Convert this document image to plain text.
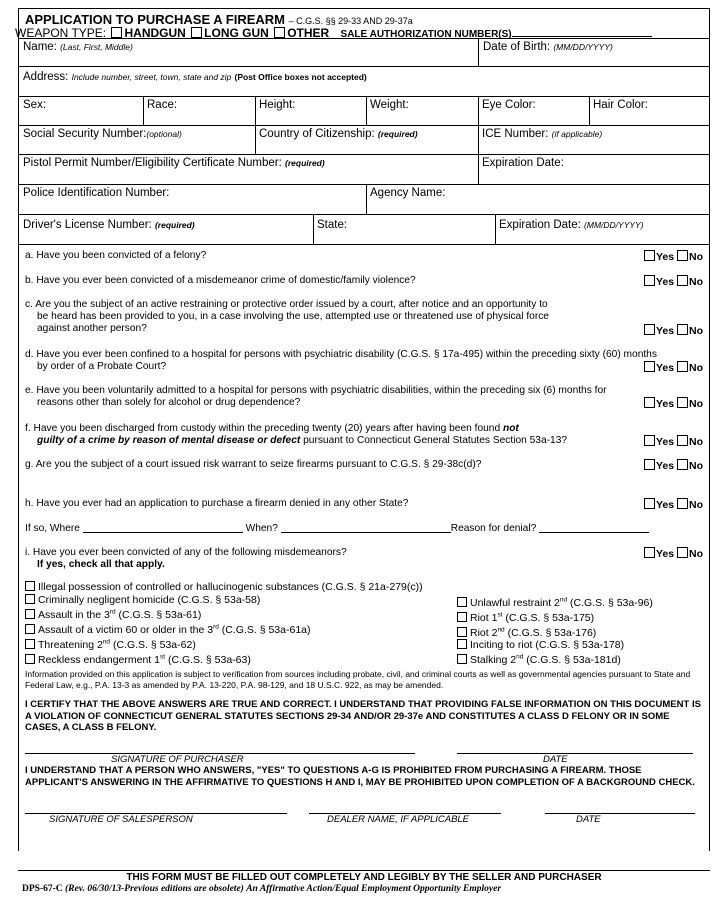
APPLICATION TO PURCHASE A FIREARM – C.G.S. §§ 29-33 AND 29-37a
WEAPON TYPE: HANDGUN LONG GUN OTHER SALE AUTHORIZATION NUMBER(S)
Name: (Last, First, Middle)	Date of Birth: (MM/DD/YYYY)
Address: Include number, street, town, state and zip (Post Office boxes not accepted)
Sex:	Race:	Height:	Weight:	Eye Color:	Hair Color:
Social Security Number:(optional)	Country of Citizenship: (required)	ICE Number: (if applicable)
Pistol Permit Number/Eligibility Certificate Number: (required)	Expiration Date:
Police Identification Number:	Agency Name:
Driver's License Number: (required)	State:	Expiration Date: (MM/DD/YYYY)
a. Have you been convicted of a felony?	Yes No
b. Have you ever been convicted of a misdemeanor crime of domestic/family violence?	Yes No
c. Are you the subject of an active restraining or protective order issued by a court, after notice and an opportunity to
be heard has been provided to you, in a case involving the use, attempted use or threatened use of physical force
against another person?	Yes No
d. Have you ever been confined to a hospital for persons with psychiatric disability (C.G.S. § 17a-495) within the preceding sixty (60) months
by order of a Probate Court?	Yes No
e. Have you been voluntarily admitted to a hospital for persons with psychiatric disabilities, within the preceding six (6) months for
reasons other than solely for alcohol or drug dependence?	Yes No
f. Have you been discharged from custody within the preceding twenty (20) years after having been found not
guilty of a crime by reason of mental disease or defect pursuant to Connecticut General Statutes Section 53a-13?	Yes No
g. Are you the subject of a court issued risk warrant to seize firearms pursuant to C.G.S. § 29-38c(d)?	Yes No
h. Have you ever had an application to purchase a firearm denied in any other State?	Yes No
If so, Where	When?	Reason for denial?
i. Have you ever been convicted of any of the following misdemeanors?
If yes, check all that apply.
Yes No
Illegal possession of controlled or hallucinogenic substances (C.G.S. § 21a-279(c))
Criminally negligent homicide (C.G.S. § 53a-58)
Assault in the 3rd (C.G.S. § 53a-61)
Assault of a victim 60 or older in the 3rd (C.G.S. § 53a-61a)
Threatening 2nd (C.G.S. § 53a-62)
Reckless endangerment 1st (C.G.S. § 53a-63)
Unlawful restraint 2nd (C.G.S. § 53a-96)
Riot 1st (C.G.S. § 53a-175)
Riot 2nd (C.G.S. § 53a-176)
Inciting to riot (C.G.S. § 53a-178)
Stalking 2nd (C.G.S. § 53a-181d)
Information provided on this application is subject to verification from sources including probate, civil, and criminal courts as well as governmental agencies pursuant to State and Federal Law, e.g., P.A. 13-3 as amended by P.A. 13-220, P.A. 98-129, and 18 U.S.C. 922, as may be amended.
I CERTIFY THAT THE ABOVE ANSWERS ARE TRUE AND CORRECT. I UNDERSTAND THAT PROVIDING FALSE INFORMATION ON THIS DOCUMENT IS A VIOLATION OF CONNECTICUT GENERAL STATUTES SECTIONS 29-34 AND/OR 29-37e AND CONSTITUTES A CLASS D FELONY OR IN SOME CASES, A CLASS B FELONY.
SIGNATURE OF PURCHASER	DATE
I UNDERSTAND THAT A PERSON WHO ANSWERS, "YES" TO QUESTIONS A-G IS PROHIBITED FROM PURCHASING A FIREARM. THOSE APPLICANT'S ANSWERING IN THE AFFIRMATIVE TO QUESTIONS H AND I, MAY BE PROHIBITED UPON COMPLETION OF A BACKGROUND CHECK.
SIGNATURE OF SALESPERSON	DEALER NAME, IF APPLICABLE	DATE
THIS FORM MUST BE FILLED OUT COMPLETELY AND LEGIBLY BY THE SELLER AND PURCHASER
DPS-67-C (Rev. 06/30/13-Previous editions are obsolete) An Affirmative Action/Equal Employment Opportunity Employer
